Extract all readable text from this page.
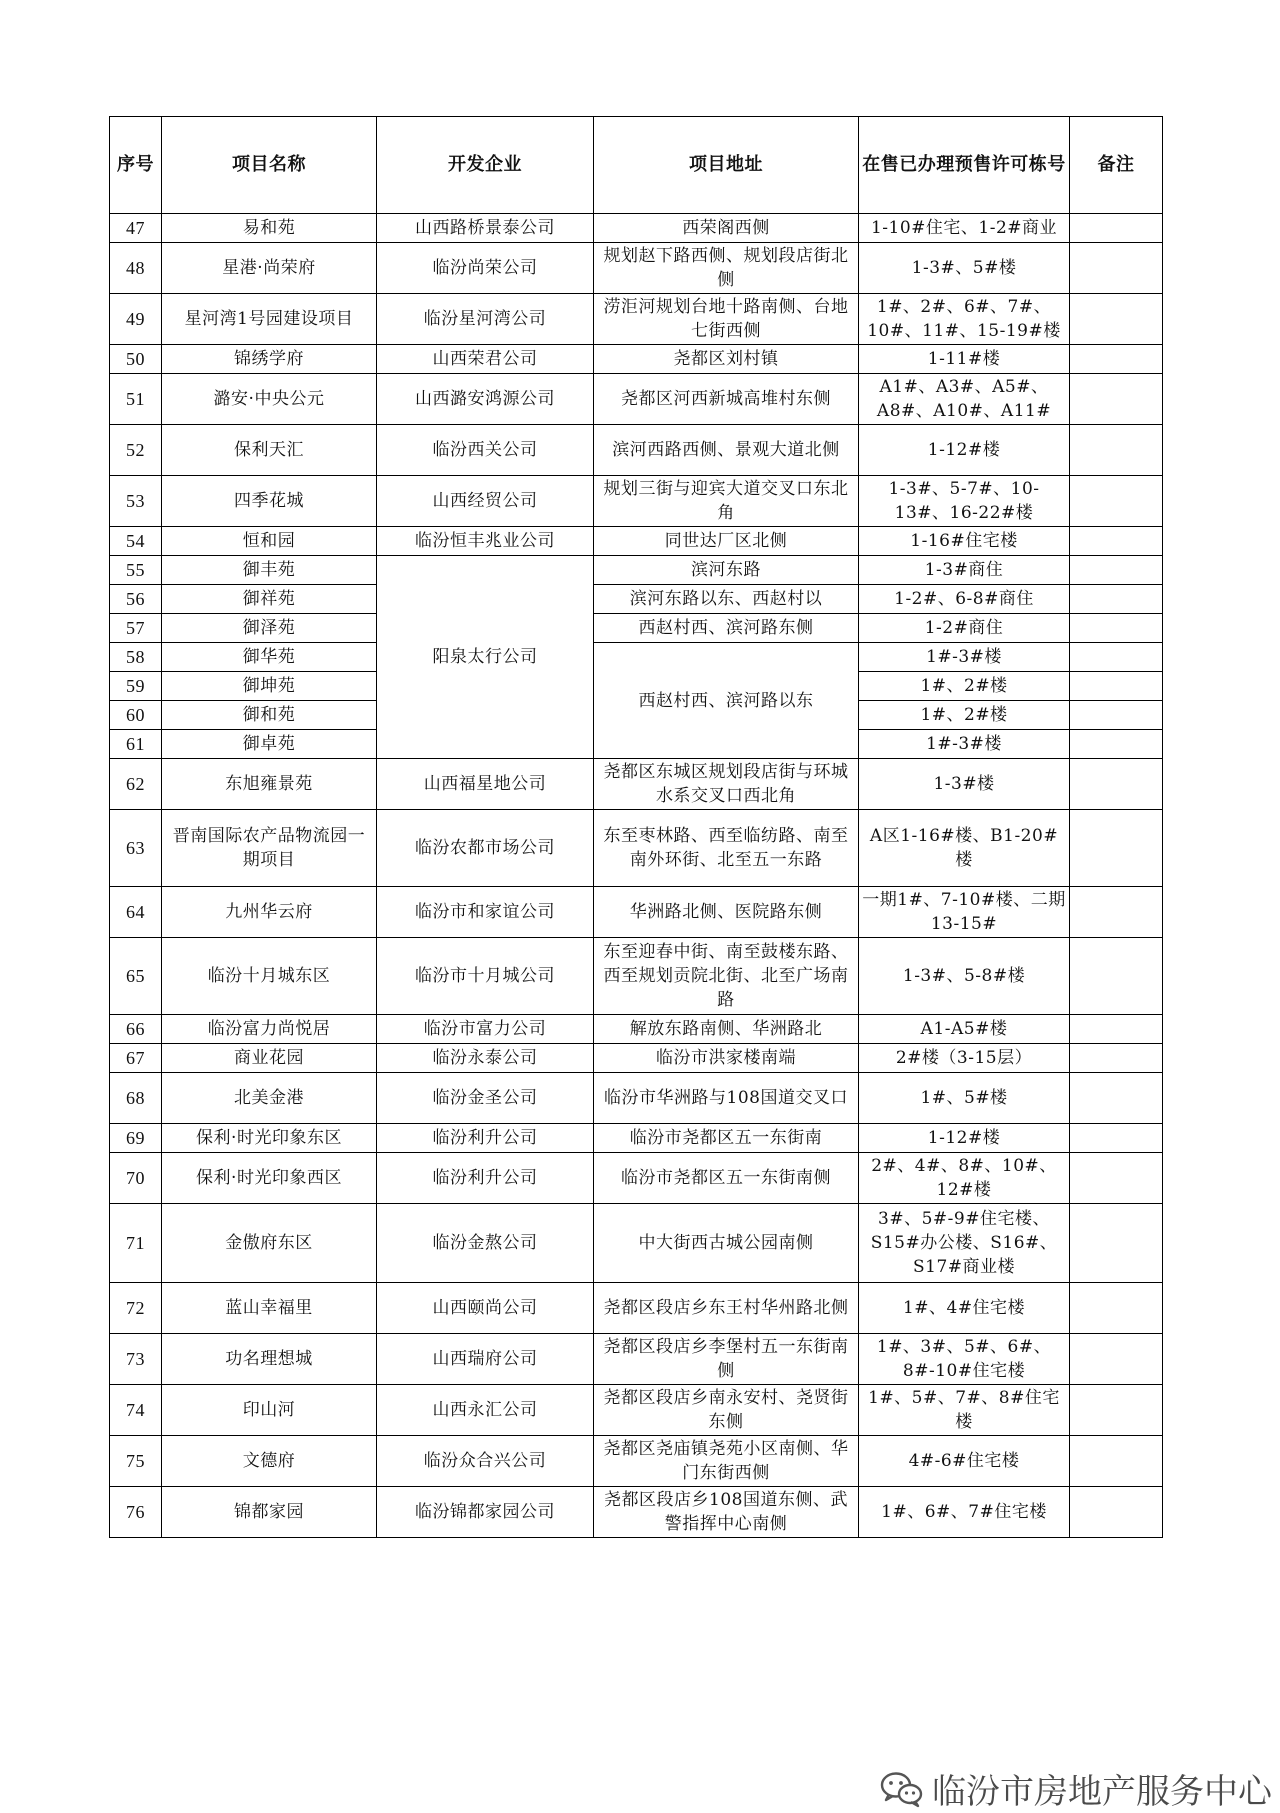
序号	项目名称	开发企业	项目地址	在售已办理预售许可栋号	备注
47	易和苑	山西路桥景泰公司	西荣阁西侧	1-10#住宅、1-2#商业	
48	星港·尚荣府	临汾尚荣公司	规划赵下路西侧、规划段店街北侧	1-3#、5#楼	
49	星河湾1号园建设项目	临汾星河湾公司	涝洰河规划台地十路南侧、台地七街西侧	1#、2#、6#、7#、10#、11#、15-19#楼	
50	锦绣学府	山西荣君公司	尧都区刘村镇	1-11#楼	
51	潞安·中央公元	山西潞安鸿源公司	尧都区河西新城高堆村东侧	A1#、A3#、A5#、A8#、A10#、A11#	
52	保利天汇	临汾西关公司	滨河西路西侧、景观大道北侧	1-12#楼	
53	四季花城	山西经贸公司	规划三街与迎宾大道交叉口东北角	1-3#、5-7#、10-13#、16-22#楼	
54	恒和园	临汾恒丰兆业公司	同世达厂区北侧	1-16#住宅楼	
55	御丰苑	阳泉太行公司	滨河东路	1-3#商住	
56	御祥苑		滨河东路以东、西赵村以	1-2#、6-8#商住	
57	御泽苑		西赵村西、滨河路东侧	1-2#商住	
58	御华苑		西赵村西、滨河路以东	1#-3#楼	
59	御坤苑			1#、2#楼	
60	御和苑			1#、2#楼	
61	御卓苑			1#-3#楼	
62	东旭雍景苑	山西福星地公司	尧都区东城区规划段店街与环城水系交叉口西北角	1-3#楼	
63	晋南国际农产品物流园一期项目	临汾农都市场公司	东至枣林路、西至临纺路、南至南外环街、北至五一东路	A区1-16#楼、B1-20#楼	
64	九州华云府	临汾市和家谊公司	华洲路北侧、医院路东侧	一期1#、7-10#楼、二期13-15#	
65	临汾十月城东区	临汾市十月城公司	东至迎春中街、南至鼓楼东路、西至规划贡院北街、北至广场南路	1-3#、5-8#楼	
66	临汾富力尚悦居	临汾市富力公司	解放东路南侧、华洲路北	A1-A5#楼	
67	商业花园	临汾永泰公司	临汾市洪家楼南端	2#楼（3-15层）	
68	北美金港	临汾金圣公司	临汾市华洲路与108国道交叉口	1#、5#楼	
69	保利·时光印象东区	临汾利升公司	临汾市尧都区五一东街南	1-12#楼	
70	保利·时光印象西区	临汾利升公司	临汾市尧都区五一东街南侧	2#、4#、8#、10#、12#楼	
71	金傲府东区	临汾金熬公司	中大街西古城公园南侧	3#、5#-9#住宅楼、S15#办公楼、S16#、S17#商业楼	
72	蓝山幸福里	山西颐尚公司	尧都区段店乡东王村华州路北侧	1#、4#住宅楼	
73	功名理想城	山西瑞府公司	尧都区段店乡李堡村五一东街南侧	1#、3#、5#、6#、8#-10#住宅楼	
74	印山河	山西永汇公司	尧都区段店乡南永安村、尧贤街东侧	1#、5#、7#、8#住宅楼	
75	文德府	临汾众合兴公司	尧都区尧庙镇尧苑小区南侧、华门东街西侧	4#-6#住宅楼	
76	锦都家园	临汾锦都家园公司	尧都区段店乡108国道东侧、武警指挥中心南侧	1#、6#、7#住宅楼	
临汾市房地产服务中心
